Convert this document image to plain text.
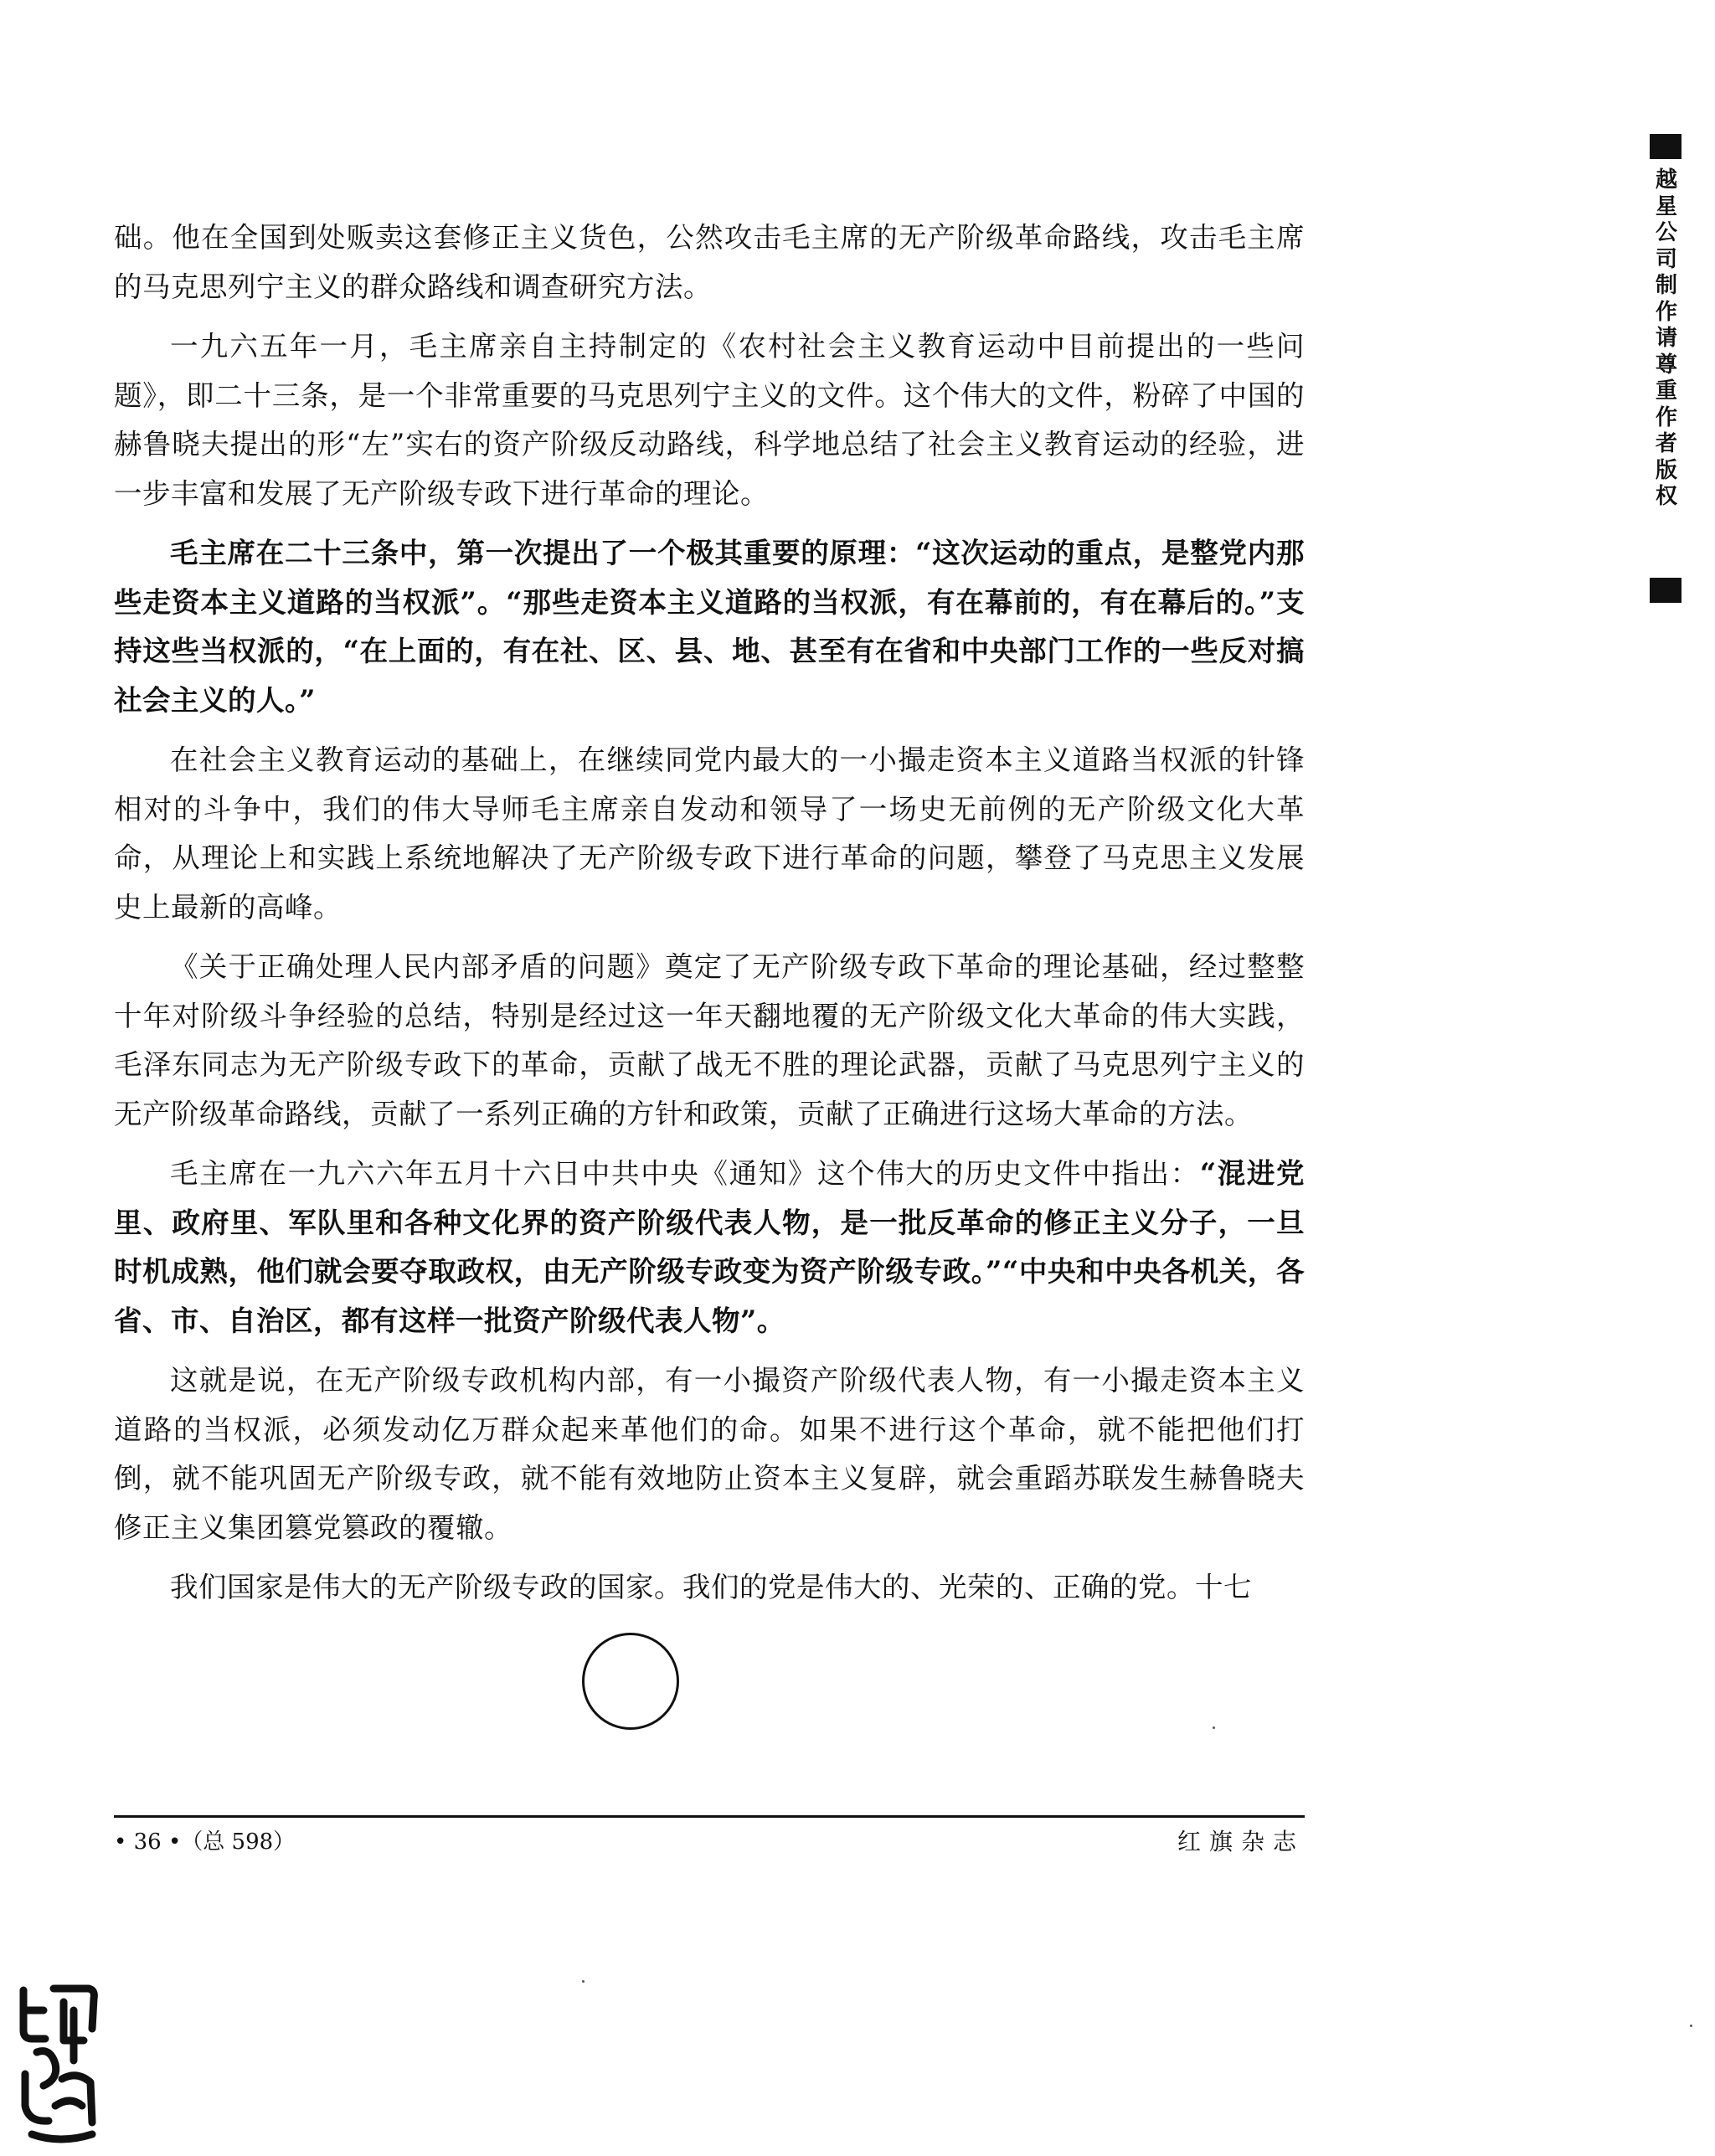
础。他在全国到处贩卖这套修正主义货色，公然攻击毛主席的无产阶级革命路线，攻击毛主席的马克思列宁主义的群众路线和调查研究方法。

一九六五年一月，毛主席亲自主持制定的《农村社会主义教育运动中目前提出的一些问题》，即二十三条，是一个非常重要的马克思列宁主义的文件。这个伟大的文件，粉碎了中国的赫鲁晓夫提出的形“左”实右的资产阶级反动路线，科学地总结了社会主义教育运动的经验，进一步丰富和发展了无产阶级专政下进行革命的理论。

毛主席在二十三条中，第一次提出了一个极其重要的原理：“这次运动的重点，是整党内那些走资本主义道路的当权派”。“那些走资本主义道路的当权派，有在幕前的，有在幕后的。”支持这些当权派的，“在上面的，有在社、区、县、地、甚至有在省和中央部门工作的一些反对搞社会主义的人。”

在社会主义教育运动的基础上，在继续同党内最大的一小撮走资本主义道路当权派的针锋相对的斗争中，我们的伟大导师毛主席亲自发动和领导了一场史无前例的无产阶级文化大革命，从理论上和实践上系统地解决了无产阶级专政下进行革命的问题，攀登了马克思主义发展史上最新的高峰。

《关于正确处理人民内部矛盾的问题》奠定了无产阶级专政下革命的理论基础，经过整整十年对阶级斗争经验的总结，特别是经过这一年天翻地覆的无产阶级文化大革命的伟大实践，毛泽东同志为无产阶级专政下的革命，贡献了战无不胜的理论武器，贡献了马克思列宁主义的无产阶级革命路线，贡献了一系列正确的方针和政策，贡献了正确进行这场大革命的方法。

毛主席在一九六六年五月十六日中共中央《通知》这个伟大的历史文件中指出：“混进党里、政府里、军队里和各种文化界的资产阶级代表人物，是一批反革命的修正主义分子，一旦时机成熟，他们就会要夺取政权，由无产阶级专政变为资产阶级专政。”“中央和中央各机关，各省、市、自治区，都有这样一批资产阶级代表人物”。

这就是说，在无产阶级专政机构内部，有一小撮资产阶级代表人物，有一小撮走资本主义道路的当权派，必须发动亿万群众起来革他们的命。如果不进行这个革命，就不能把他们打倒，就不能巩固无产阶级专政，就不能有效地防止资本主义复辟，就会重蹈苏联发生赫鲁晓夫修正主义集团篡党篡政的覆辙。

我们国家是伟大的无产阶级专政的国家。我们的党是伟大的、光荣的、正确的党。十七

• 36 •（总 598）	红旗杂志
越星公司制作请尊重作者版权
